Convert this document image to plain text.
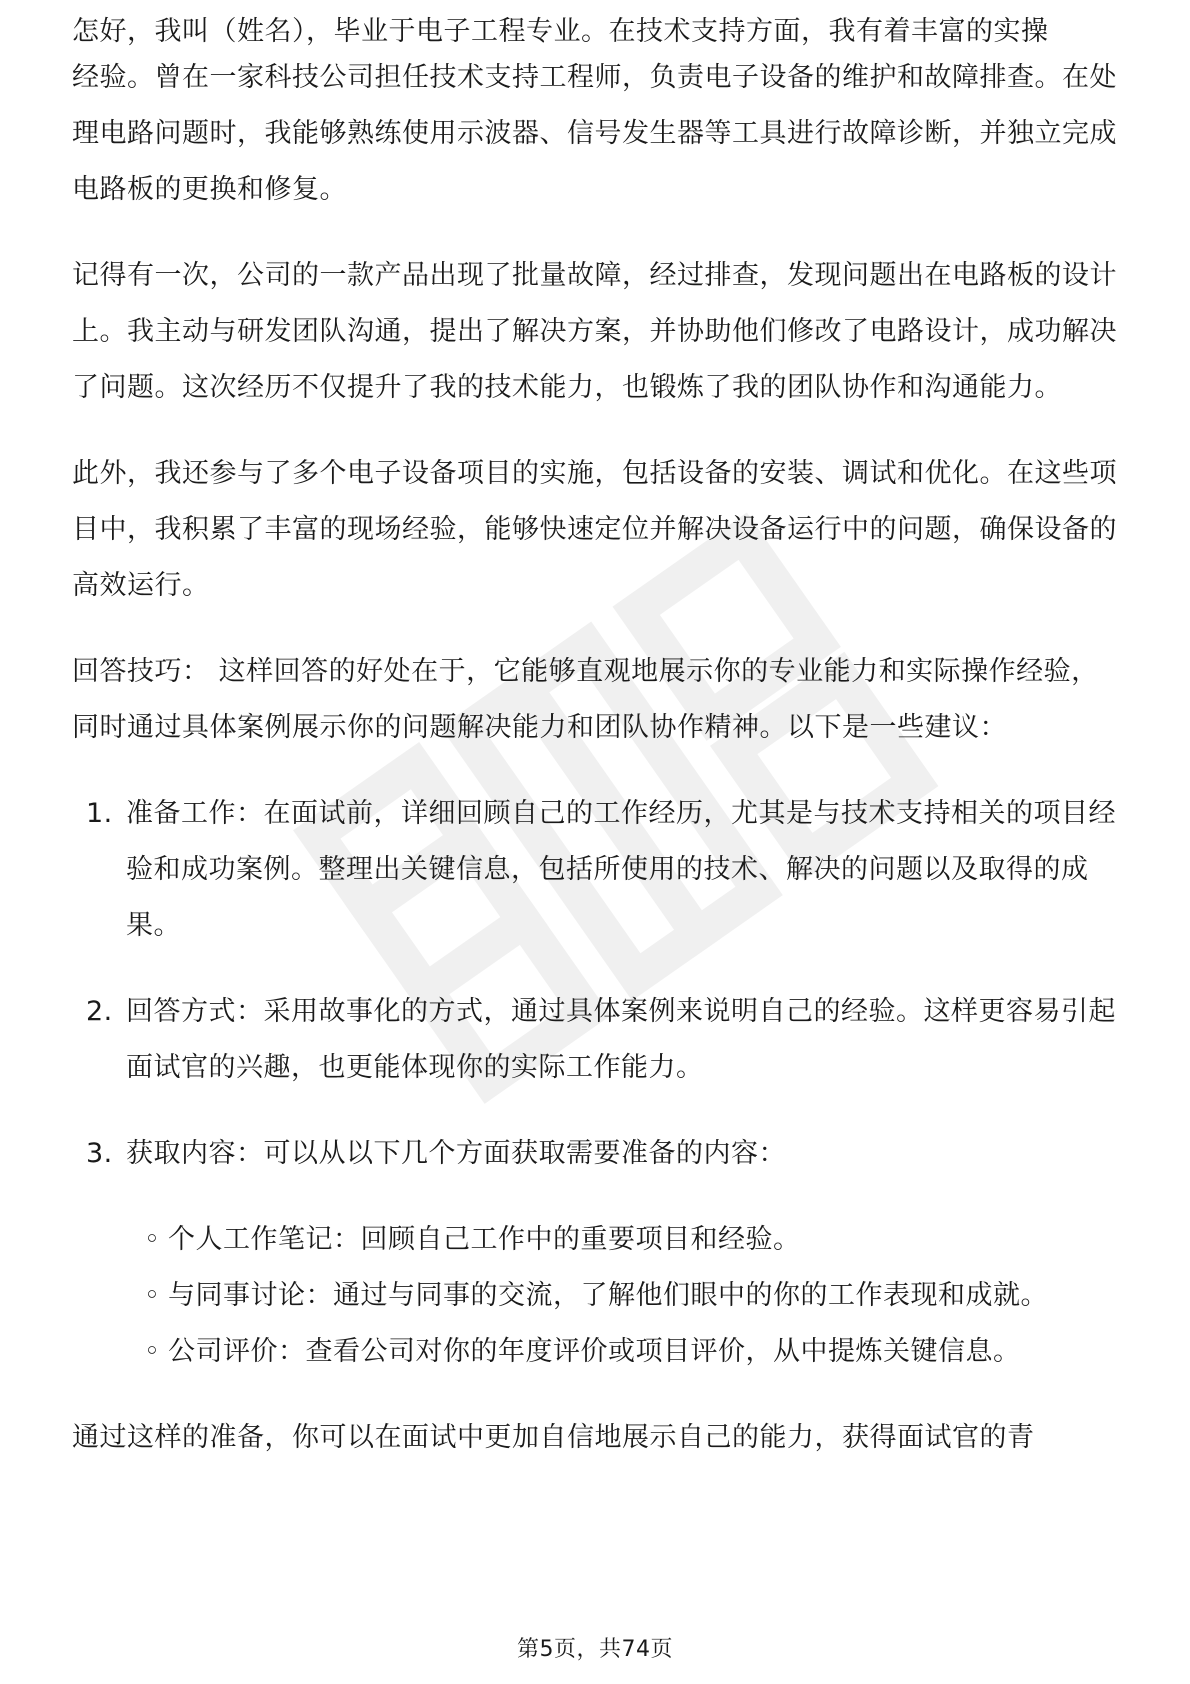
怎好，我叫（姓名），毕业于电子工程专业。在技术支持方面，我有着丰富的实操

经验。曾在一家科技公司担任技术支持工程师，负责电子设备的维护和故障排查。在处理电路问题时，我能够熟练使用示波器、信号发生器等工具进行故障诊断，并独立完成电路板的更换和修复。

记得有一次，公司的一款产品出现了批量故障，经过排查，发现问题出在电路板的设计上。我主动与研发团队沟通，提出了解决方案，并协助他们修改了电路设计，成功解决了问题。这次经历不仅提升了我的技术能力，也锻炼了我的团队协作和沟通能力。

此外，我还参与了多个电子设备项目的实施，包括设备的安装、调试和优化。在这些项目中，我积累了丰富的现场经验，能够快速定位并解决设备运行中的问题，确保设备的高效运行。

回答技巧： 这样回答的好处在于，它能够直观地展示你的专业能力和实际操作经验，同时通过具体案例展示你的问题解决能力和团队协作精神。以下是一些建议：

1. 准备工作：在面试前，详细回顾自己的工作经历，尤其是与技术支持相关的项目经验和成功案例。整理出关键信息，包括所使用的技术、解决的问题以及取得的成果。
2. 回答方式：采用故事化的方式，通过具体案例来说明自己的经验。这样更容易引起面试官的兴趣，也更能体现你的实际工作能力。
3. 获取内容：可以从以下几个方面获取需要准备的内容：
◦ 个人工作笔记：回顾自己工作中的重要项目和经验。
◦ 与同事讨论：通过与同事的交流，了解他们眼中的你的工作表现和成就。
◦ 公司评价：查看公司对你的年度评价或项目评价，从中提炼关键信息。

通过这样的准备，你可以在面试中更加自信地展示自己的能力，获得面试官的青

第5页，共74页
